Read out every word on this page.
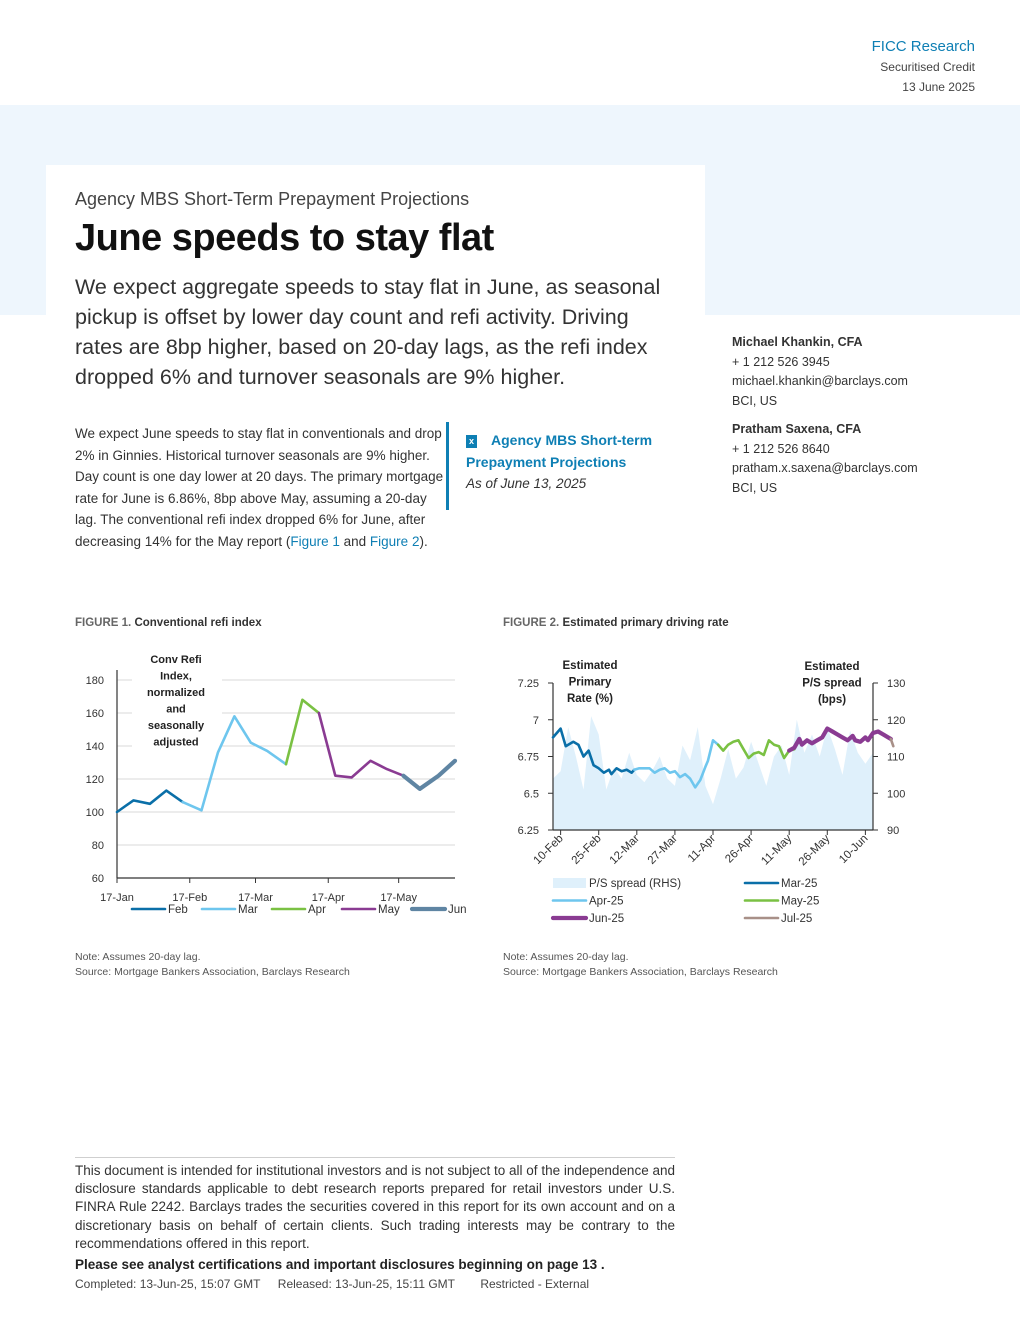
FICC Research
Securitised Credit
13 June 2025
Agency MBS Short-Term Prepayment Projections
June speeds to stay flat
We expect aggregate speeds to stay flat in June, as seasonal pickup is offset by lower day count and refi activity. Driving rates are 8bp higher, based on 20-day lags, as the refi index dropped 6% and turnover seasonals are 9% higher.
We expect June speeds to stay flat in conventionals and drop 2% in Ginnies. Historical turnover seasonals are 9% higher. Day count is one day lower at 20 days. The primary mortgage rate for June is 6.86%, 8bp above May, assuming a 20-day lag. The conventional refi index dropped 6% for June, after decreasing 14% for the May report (Figure 1 and Figure 2).
x Agency MBS Short-term Prepayment Projections
As of June 13, 2025
Michael Khankin, CFA
+ 1 212 526 3945
michael.khankin@barclays.com
BCI, US
Pratham Saxena, CFA
+ 1 212 526 8640
pratham.x.saxena@barclays.com
BCI, US
FIGURE 1. Conventional refi index	FIGURE 2. Estimated primary driving rate
60
80
100
120
140
160
180
17-Jan	17-Feb	17-Mar	17-Apr	17-May
Conv Refi
Index,
normalized
and
seasonally
adjusted
Feb	Mar	Apr	May	Jun
6.25
6.5
6.75
7
7.25
90
100
110
120
130
10-Feb 25-Feb 12-Mar 27-Mar 11-Apr 26-Apr 11-May 26-May 10-Jun
Estimated
Primary
Rate (%)
Estimated
P/S spread
(bps)
P/S spread (RHS)	Mar-25
Apr-25	May-25
Jun-25	Jul-25
Note: Assumes 20-day lag.
Source: Mortgage Bankers Association, Barclays Research
Note: Assumes 20-day lag.
Source: Mortgage Bankers Association, Barclays Research
This document is intended for institutional investors and is not subject to all of the independence and disclosure standards applicable to debt research reports prepared for retail investors under U.S. FINRA Rule 2242. Barclays trades the securities covered in this report for its own account and on a discretionary basis on behalf of certain clients. Such trading interests may be contrary to the recommendations offered in this report.
Please see analyst certifications and important disclosures beginning on page 13 .
Completed: 13-Jun-25, 15:07 GMT Released: 13-Jun-25, 15:11 GMT Restricted - External
